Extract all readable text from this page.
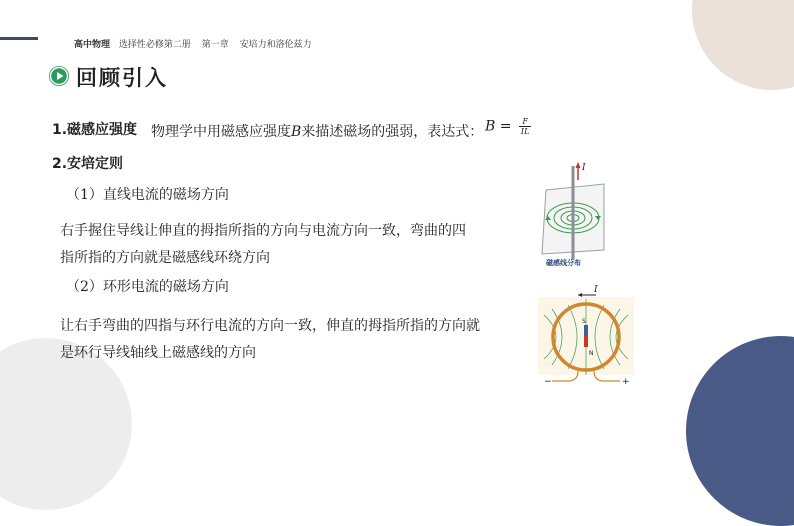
高中物理 选择性必修第二册 第一章 安培力和洛伦兹力
回顾引入
1.磁感应强度 物理学中用磁感应强度𝐵来描述磁场的强弱，表达式： $B = \frac{F}{IL}$
2.安培定则
（1）直线电流的磁场方向
右手握住导线让伸直的拇指所指的方向与电流方向一致，弯曲的四指所指的方向就是磁感线环绕方向
（2）环形电流的磁场方向
让右手弯曲的四指与环行电流的方向一致，伸直的拇指所指的方向就是环行导线轴线上磁感线的方向
I
磁感线分布
S
N
I
−	+
